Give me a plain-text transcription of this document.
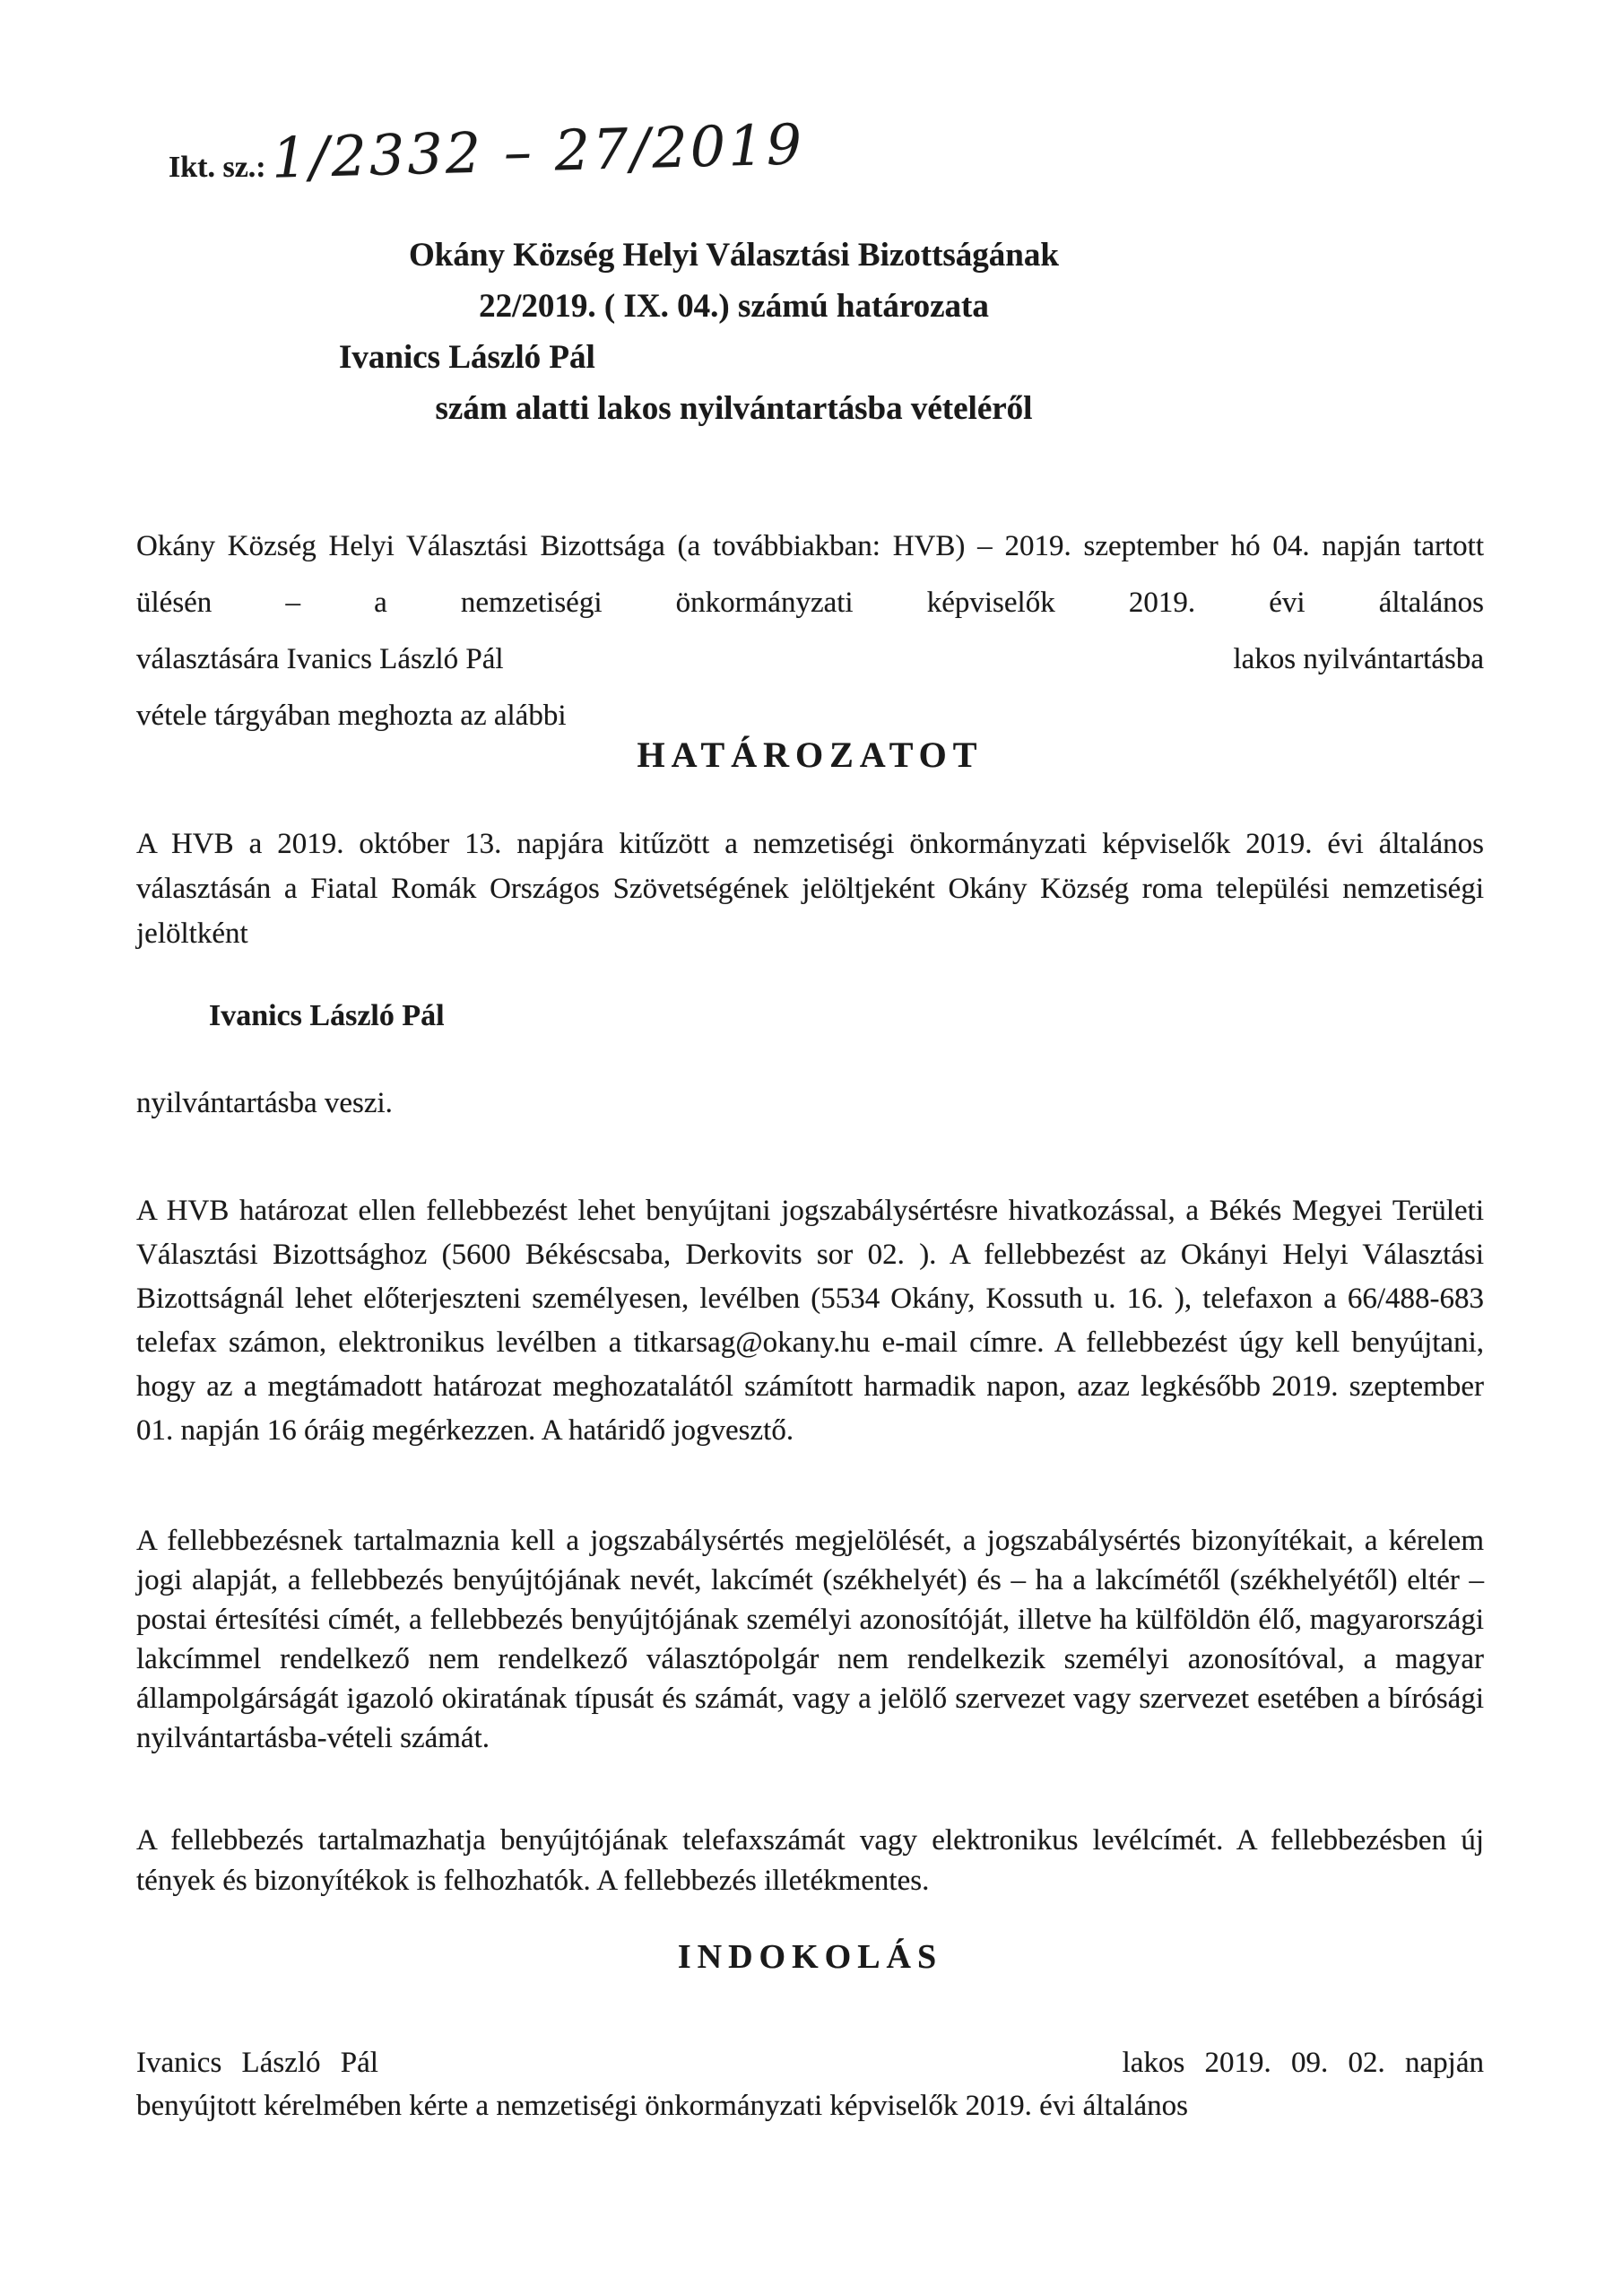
Ikt. sz.: 1/2332 – 27/2019
Okány Község Helyi Választási Bizottságának
22/2019. ( IX. 04.) számú határozata
Ivanics László Pál
szám alatti lakos nyilvántartásba vételéről
Okány Község Helyi Választási Bizottsága (a továbbiakban: HVB) – 2019. szeptember hó 04. napján tartott ülésén – a nemzetiségi önkormányzati képviselők 2019. évi általános
választására Ivanics László Pál	lakos nyilvántartásba
vétele tárgyában meghozta az alábbi
HATÁROZATOT
A HVB a 2019. október 13. napjára kitűzött a nemzetiségi önkormányzati képviselők 2019. évi általános választásán a Fiatal Romák Országos Szövetségének jelöltjeként Okány Község roma települési nemzetiségi jelöltként
Ivanics László Pál
nyilvántartásba veszi.
A HVB határozat ellen fellebbezést lehet benyújtani jogszabálysértésre hivatkozással, a Békés Megyei Területi Választási Bizottsághoz (5600 Békéscsaba, Derkovits sor 02. ). A fellebbezést az Okányi Helyi Választási Bizottságnál lehet előterjeszteni személyesen, levélben (5534 Okány, Kossuth u. 16. ), telefaxon a 66/488-683 telefax számon, elektronikus levélben a titkarsag@okany.hu e-mail címre. A fellebbezést úgy kell benyújtani, hogy az a megtámadott határozat meghozatalától számított harmadik napon, azaz legkésőbb 2019. szeptember 01. napján 16 óráig megérkezzen. A határidő jogvesztő.
A fellebbezésnek tartalmaznia kell a jogszabálysértés megjelölését, a jogszabálysértés bizonyítékait, a kérelem jogi alapját, a fellebbezés benyújtójának nevét, lakcímét (székhelyét) és – ha a lakcímétől (székhelyétől) eltér – postai értesítési címét, a fellebbezés benyújtójának személyi azonosítóját, illetve ha külföldön élő, magyarországi lakcímmel rendelkező nem rendelkező választópolgár nem rendelkezik személyi azonosítóval, a magyar állampolgárságát igazoló okiratának típusát és számát, vagy a jelölő szervezet vagy szervezet esetében a bírósági nyilvántartásba-vételi számát.
A fellebbezés tartalmazhatja benyújtójának telefaxszámát vagy elektronikus levélcímét. A fellebbezésben új tények és bizonyítékok is felhozhatók. A fellebbezés illetékmentes.
INDOKOLÁS
Ivanics László Pál	lakos 2019. 09. 02. napján
benyújtott kérelmében kérte a nemzetiségi önkormányzati képviselők 2019. évi általános
